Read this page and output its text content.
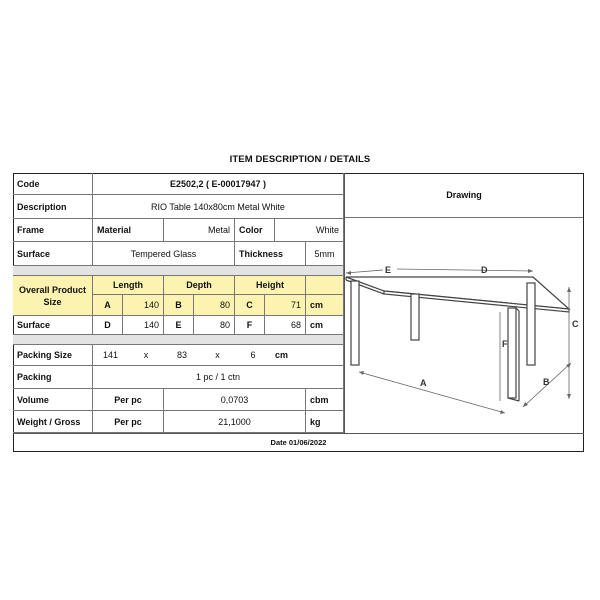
ITEM DESCRIPTION / DETAILS
Code	E2502,2 ( E-00017947 )
Description	RIO Table 140x80cm Metal White
Frame	Material	Metal	Color	White
Surface	Tempered Glass	Thickness	5mm
Overall Product Size
Length	Depth	Height
A	140	B	80	C	71	cm
Surface	D	140	E	80	F	68	cm
Packing Size	141	x	83	x	6	cm
Packing	1 pc / 1 ctn
Volume	Per pc	0,0703	cbm
Weight / Gross	Per pc	21,1000	kg
Drawing
E	D
C
F
A	B
Date 01/06/2022
